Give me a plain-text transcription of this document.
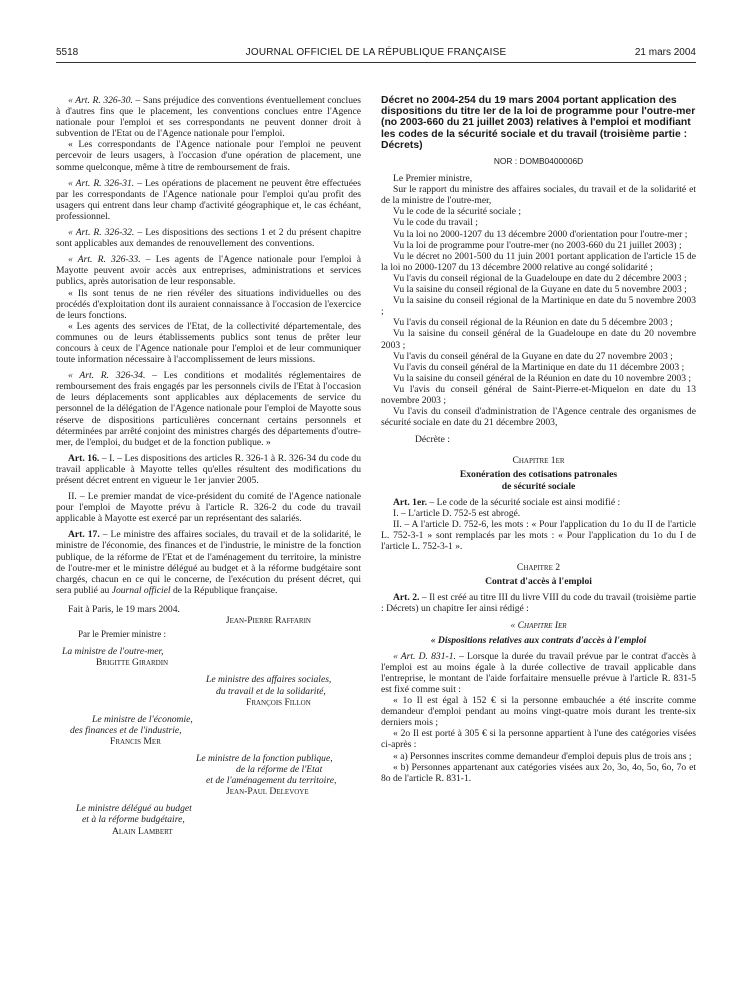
5518	JOURNAL OFFICIEL DE LA RÉPUBLIQUE FRANÇAISE	21 mars 2004

« Art. R. 326-30. – Sans préjudice des conventions éventuellement conclues à d'autres fins que le placement, les conventions conclues entre l'Agence nationale pour l'emploi et ses correspondants ne peuvent donner droit à subvention de l'Etat ou de l'Agence nationale pour l'emploi.

« Les correspondants de l'Agence nationale pour l'emploi ne peuvent percevoir de leurs usagers, à l'occasion d'une opération de placement, une somme quelconque, même à titre de remboursement de frais.

« Art. R. 326-31. – Les opérations de placement ne peuvent être effectuées par les correspondants de l'Agence nationale pour l'emploi qu'au profit des usagers qui entrent dans leur champ d'activité géographique et, le cas échéant, professionnel.

« Art. R. 326-32. – Les dispositions des sections 1 et 2 du présent chapitre sont applicables aux demandes de renouvellement des conventions.

« Art. R. 326-33. – Les agents de l'Agence nationale pour l'emploi à Mayotte peuvent avoir accès aux entreprises, administrations et services publics, après autorisation de leur responsable.

« Ils sont tenus de ne rien révéler des situations individuelles ou des procédés d'exploitation dont ils auraient connaissance à l'occasion de l'exercice de leurs fonctions.

« Les agents des services de l'Etat, de la collectivité départementale, des communes ou de leurs établissements publics sont tenus de prêter leur concours à ceux de l'Agence nationale pour l'emploi et de leur communiquer toute information nécessaire à l'accomplissement de leurs missions.

« Art. R. 326-34. – Les conditions et modalités réglementaires de remboursement des frais engagés par les personnels civils de l'Etat à l'occasion de leurs déplacements sont applicables aux déplacements de service du personnel de la délégation de l'Agence nationale pour l'emploi de Mayotte sous réserve de dispositions particulières concernant certains personnels et déterminées par arrêté conjoint des ministres chargés des départements d'outre-mer, de l'emploi, du budget et de la fonction publique. »

Art. 16. – I. – Les dispositions des articles R. 326-1 à R. 326-34 du code du travail applicable à Mayotte telles qu'elles résultent des modifications du présent décret entrent en vigueur le 1er janvier 2005.

II. – Le premier mandat de vice-président du comité de l'Agence nationale pour l'emploi de Mayotte prévu à l'article R. 326-2 du code du travail applicable à Mayotte est exercé par un représentant des salariés.

Art. 17. – Le ministre des affaires sociales, du travail et de la solidarité, le ministre de l'économie, des finances et de l'industrie, le ministre de la fonction publique, de la réforme de l'Etat et de l'aménagement du territoire, la ministre de l'outre-mer et le ministre délégué au budget et à la réforme budgétaire sont chargés, chacun en ce qui le concerne, de l'exécution du présent décret, qui sera publié au Journal officiel de la République française.

Fait à Paris, le 19 mars 2004.

Jean-Pierre Raffarin

Par le Premier ministre :

La ministre de l'outre-mer,

Brigitte Girardin

Le ministre des affaires sociales,

du travail et de la solidarité,

François Fillon

Le ministre de l'économie,

des finances et de l'industrie,

Francis Mer

Le ministre de la fonction publique,

de la réforme de l'Etat

et de l'aménagement du territoire,

Jean-Paul Delevoye

Le ministre délégué au budget

et à la réforme budgétaire,

Alain Lambert

Décret no 2004-254 du 19 mars 2004 portant application des dispositions du titre Ier de la loi de programme pour l'outre-mer (no 2003-660 du 21 juillet 2003) relatives à l'emploi et modifiant les codes de la sécurité sociale et du travail (troisième partie : Décrets)

NOR : DOMB0400006D

Le Premier ministre,

Sur le rapport du ministre des affaires sociales, du travail et de la solidarité et de la ministre de l'outre-mer,

Vu le code de la sécurité sociale ;

Vu le code du travail ;

Vu la loi no 2000-1207 du 13 décembre 2000 d'orientation pour l'outre-mer ;

Vu la loi de programme pour l'outre-mer (no 2003-660 du 21 juillet 2003) ;

Vu le décret no 2001-500 du 11 juin 2001 portant application de l'article 15 de la loi no 2000-1207 du 13 décembre 2000 relative au congé solidarité ;

Vu l'avis du conseil régional de la Guadeloupe en date du 2 décembre 2003 ;

Vu la saisine du conseil régional de la Guyane en date du 5 novembre 2003 ;

Vu la saisine du conseil régional de la Martinique en date du 5 novembre 2003 ;

Vu l'avis du conseil régional de la Réunion en date du 5 décembre 2003 ;

Vu la saisine du conseil général de la Guadeloupe en date du 20 novembre 2003 ;

Vu l'avis du conseil général de la Guyane en date du 27 novembre 2003 ;

Vu l'avis du conseil général de la Martinique en date du 11 décembre 2003 ;

Vu la saisine du conseil général de la Réunion en date du 10 novembre 2003 ;

Vu l'avis du conseil général de Saint-Pierre-et-Miquelon en date du 13 novembre 2003 ;

Vu l'avis du conseil d'administration de l'Agence centrale des organismes de sécurité sociale en date du 21 décembre 2003,

Décrète :

Chapitre 1er

Exonération des cotisations patronales

de sécurité sociale

Art. 1er. – Le code de la sécurité sociale est ainsi modifié :

I. – L'article D. 752-5 est abrogé.

II. – A l'article D. 752-6, les mots : « Pour l'application du 1o du II de l'article L. 752-3-1 » sont remplacés par les mots : « Pour l'application du 1o du I de l'article L. 752-3-1 ».

Chapitre 2

Contrat d'accès à l'emploi

Art. 2. – Il est créé au titre III du livre VIII du code du travail (troisième partie : Décrets) un chapitre Ier ainsi rédigé :

« Chapitre Ier

« Dispositions relatives aux contrats d'accès à l'emploi

« Art. D. 831-1. – Lorsque la durée du travail prévue par le contrat d'accès à l'emploi est au moins égale à la durée collective de travail applicable dans l'entreprise, le montant de l'aide forfaitaire mensuelle prévue à l'article R. 831-5 est fixé comme suit :

« 1o Il est égal à 152 € si la personne embauchée a été inscrite comme demandeur d'emploi pendant au moins vingt-quatre mois durant les trente-six derniers mois ;

« 2o Il est porté à 305 € si la personne appartient à l'une des catégories visées ci-après :

« a) Personnes inscrites comme demandeur d'emploi depuis plus de trois ans ;

« b) Personnes appartenant aux catégories visées aux 2o, 3o, 4o, 5o, 6o, 7o et 8o de l'article R. 831-1.
